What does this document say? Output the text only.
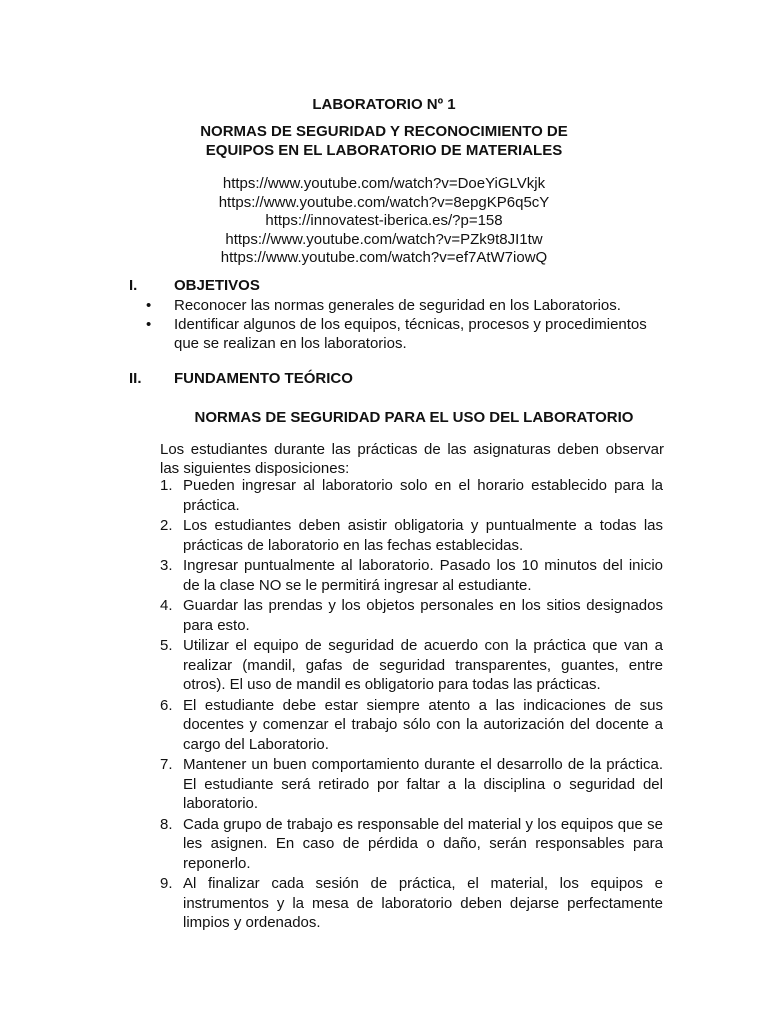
LABORATORIO Nº 1
NORMAS DE SEGURIDAD Y RECONOCIMIENTO DE EQUIPOS EN EL LABORATORIO DE MATERIALES
https://www.youtube.com/watch?v=DoeYiGLVkjk
https://www.youtube.com/watch?v=8epgKP6q5cY
https://innovatest-iberica.es/?p=158
https://www.youtube.com/watch?v=PZk9t8JI1tw
https://www.youtube.com/watch?v=ef7AtW7iowQ
I. OBJETIVOS
• Reconocer las normas generales de seguridad en los Laboratorios.
• Identificar algunos de los equipos, técnicas, procesos y procedimientos que se realizan en los laboratorios.
II. FUNDAMENTO TEÓRICO
NORMAS DE SEGURIDAD PARA EL USO DEL LABORATORIO
Los estudiantes durante las prácticas de las asignaturas deben observar las siguientes disposiciones:
1. Pueden ingresar al laboratorio solo en el horario establecido para la práctica.
2. Los estudiantes deben asistir obligatoria y puntualmente a todas las prácticas de laboratorio en las fechas establecidas.
3. Ingresar puntualmente al laboratorio. Pasado los 10 minutos del inicio de la clase NO se le permitirá ingresar al estudiante.
4. Guardar las prendas y los objetos personales en los sitios designados para esto.
5. Utilizar el equipo de seguridad de acuerdo con la práctica que van a realizar (mandil, gafas de seguridad transparentes, guantes, entre otros). El uso de mandil es obligatorio para todas las prácticas.
6. El estudiante debe estar siempre atento a las indicaciones de sus docentes y comenzar el trabajo sólo con la autorización del docente a cargo del Laboratorio.
7. Mantener un buen comportamiento durante el desarrollo de la práctica. El estudiante será retirado por faltar a la disciplina o seguridad del laboratorio.
8. Cada grupo de trabajo es responsable del material y los equipos que se les asignen. En caso de pérdida o daño, serán responsables para reponerlo.
9. Al finalizar cada sesión de práctica, el material, los equipos e instrumentos y la mesa de laboratorio deben dejarse perfectamente limpios y ordenados.
